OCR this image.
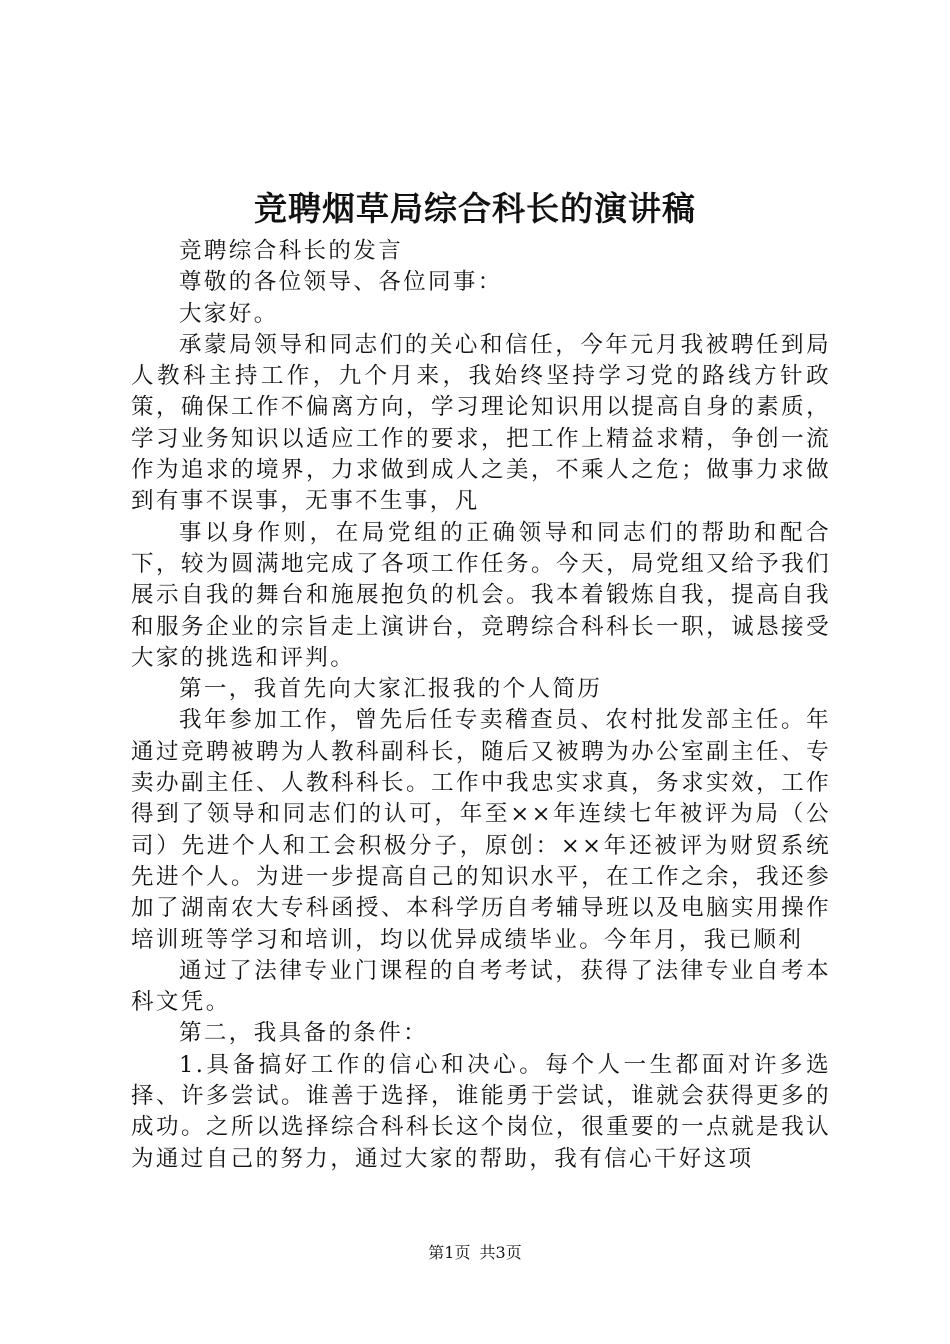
竞聘烟草局综合科长的演讲稿

竞聘综合科长的发言

尊敬的各位领导、各位同事：

大家好。

承蒙局领导和同志们的关心和信任，今年元月我被聘任到局人教科主持工作，九个月来，我始终坚持学习党的路线方针政策，确保工作不偏离方向，学习理论知识用以提高自身的素质，学习业务知识以适应工作的要求，把工作上精益求精，争创一流作为追求的境界，力求做到成人之美，不乘人之危；做事力求做到有事不误事，无事不生事，凡

事以身作则，在局党组的正确领导和同志们的帮助和配合下，较为圆满地完成了各项工作任务。今天，局党组又给予我们展示自我的舞台和施展抱负的机会。我本着锻炼自我，提高自我和服务企业的宗旨走上演讲台，竞聘综合科科长一职，诚恳接受大家的挑选和评判。

第一，我首先向大家汇报我的个人简历

我年参加工作，曾先后任专卖稽查员、农村批发部主任。年通过竞聘被聘为人教科副科长，随后又被聘为办公室副主任、专卖办副主任、人教科科长。工作中我忠实求真，务求实效，工作得到了领导和同志们的认可，年至××年连续七年被评为局（公司）先进个人和工会积极分子，原创：××年还被评为财贸系统先进个人。为进一步提高自己的知识水平，在工作之余，我还参加了湖南农大专科函授、本科学历自考辅导班以及电脑实用操作培训班等学习和培训，均以优异成绩毕业。今年月，我已顺利

通过了法律专业门课程的自考考试，获得了法律专业自考本科文凭。

第二，我具备的条件：

1.具备搞好工作的信心和决心。每个人一生都面对许多选择、许多尝试。谁善于选择，谁能勇于尝试，谁就会获得更多的成功。之所以选择综合科科长这个岗位，很重要的一点就是我认为通过自己的努力，通过大家的帮助，我有信心干好这项

第1页 共3页
